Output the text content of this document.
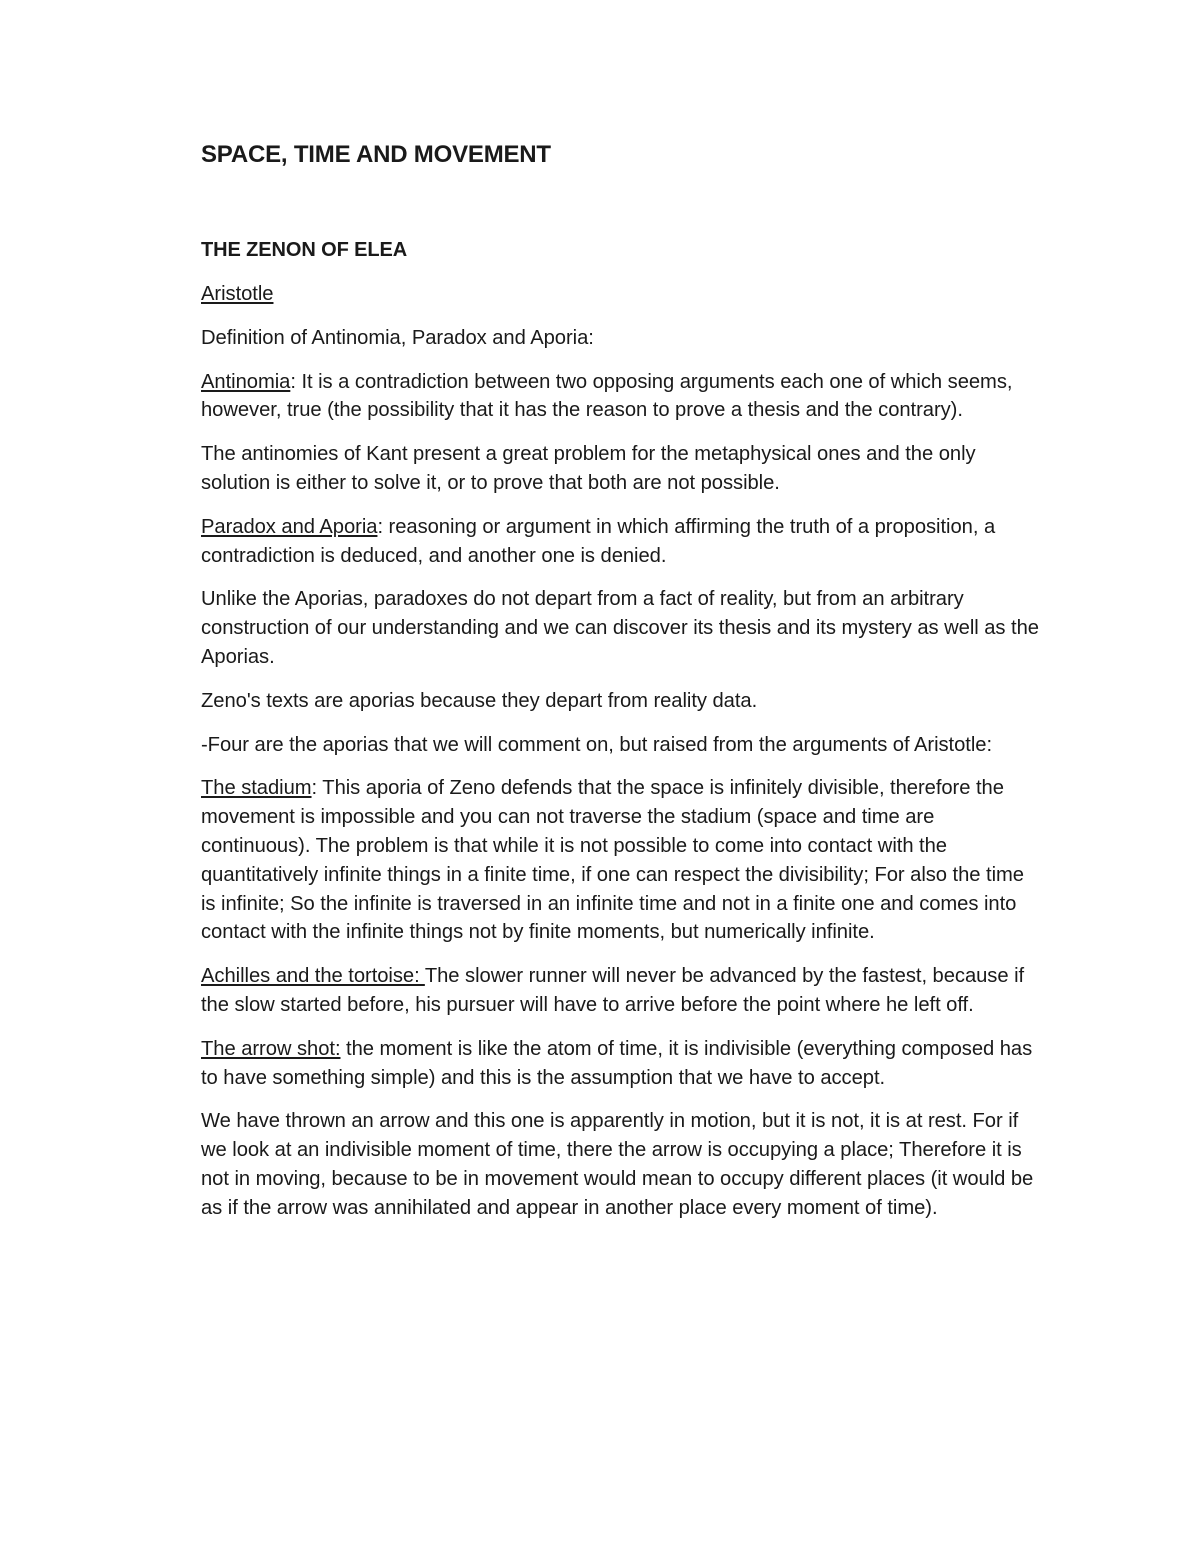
SPACE, TIME AND MOVEMENT
THE ZENON OF ELEA

Aristotle

Definition of Antinomia, Paradox and Aporia:

Antinomia: It is a contradiction between two opposing arguments each one of which seems, however, true (the possibility that it has the reason to prove a thesis and the contrary).

The antinomies of Kant present a great problem for the metaphysical ones and the only solution is either to solve it, or to prove that both are not possible.

Paradox and Aporia: reasoning or argument in which affirming the truth of a proposition, a contradiction is deduced, and another one is denied.

Unlike the Aporias, paradoxes do not depart from a fact of reality, but from an arbitrary construction of our understanding and we can discover its thesis and its mystery as well as the Aporias.

Zeno's texts are aporias because they depart from reality data.

-Four are the aporias that we will comment on, but raised from the arguments of Aristotle:

The stadium: This aporia of Zeno defends that the space is infinitely divisible, therefore the movement is impossible and you can not traverse the stadium (space and time are continuous). The problem is that while it is not possible to come into contact with the quantitatively infinite things in a finite time, if one can respect the divisibility; For also the time is infinite; So the infinite is traversed in an infinite time and not in a finite one and comes into contact with the infinite things not by finite moments, but numerically infinite.

Achilles and the tortoise: The slower runner will never be advanced by the fastest, because if the slow started before, his pursuer will have to arrive before the point where he left off.

The arrow shot: the moment is like the atom of time, it is indivisible (everything composed has to have something simple) and this is the assumption that we have to accept.

We have thrown an arrow and this one is apparently in motion, but it is not, it is at rest. For if we look at an indivisible moment of time, there the arrow is occupying a place; Therefore it is not in moving, because to be in movement would mean to occupy different places (it would be as if the arrow was annihilated and appear in another place every moment of time).
